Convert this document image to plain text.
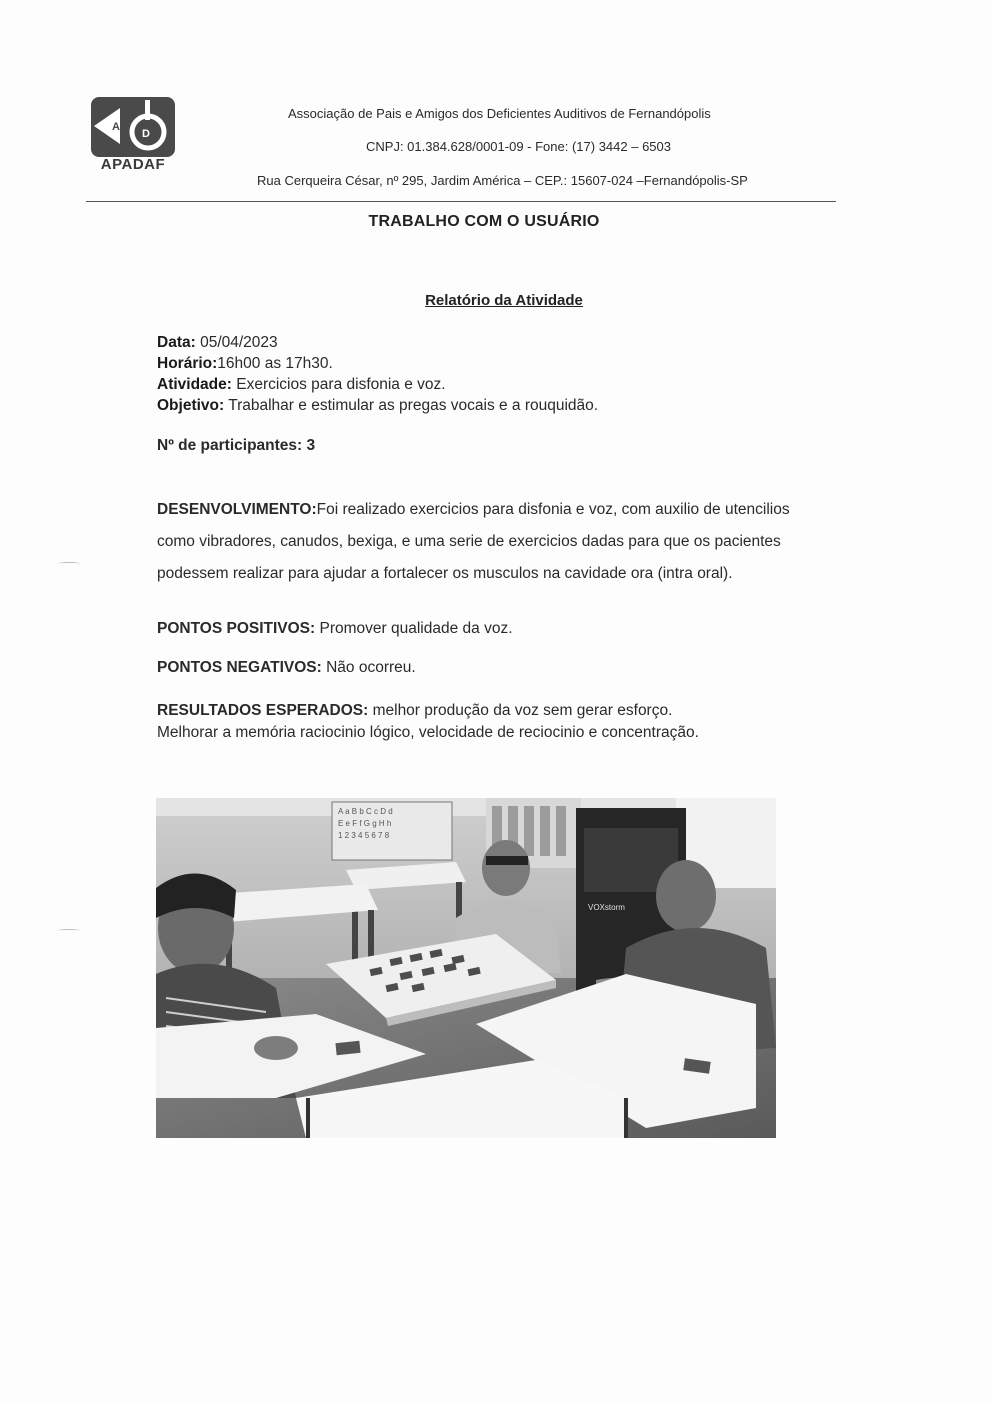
A
D
APADAF
Associação de Pais e Amigos dos Deficientes Auditivos de Fernandópolis
CNPJ: 01.384.628/0001-09 - Fone: (17) 3442 – 6503
Rua Cerqueira César, nº 295, Jardim América – CEP.: 15607-024 –Fernandópolis-SP
TRABALHO COM O USUÁRIO
Relatório da Atividade
Data: 05/04/2023
Horário:16h00 as 17h30.
Atividade: Exercicios para disfonia e voz.
Objetivo: Trabalhar e estimular as pregas vocais e a rouquidão.
Nº de participantes: 3
DESENVOLVIMENTO:Foi realizado exercicios para disfonia e voz, com auxilio de utencilios
como vibradores, canudos, bexiga, e uma serie de exercicios dadas para que os pacientes
podessem realizar para ajudar a fortalecer os musculos na cavidade ora (intra oral).
PONTOS POSITIVOS: Promover qualidade da voz.
PONTOS NEGATIVOS: Não ocorreu.
RESULTADOS ESPERADOS: melhor produção da voz sem gerar esforço.
Melhorar a memória raciocinio lógico, velocidade de reciocinio e concentração.
A a B b C c D d
E e F f G g H h
1 2 3 4 5 6 7 8
VOXstorm
